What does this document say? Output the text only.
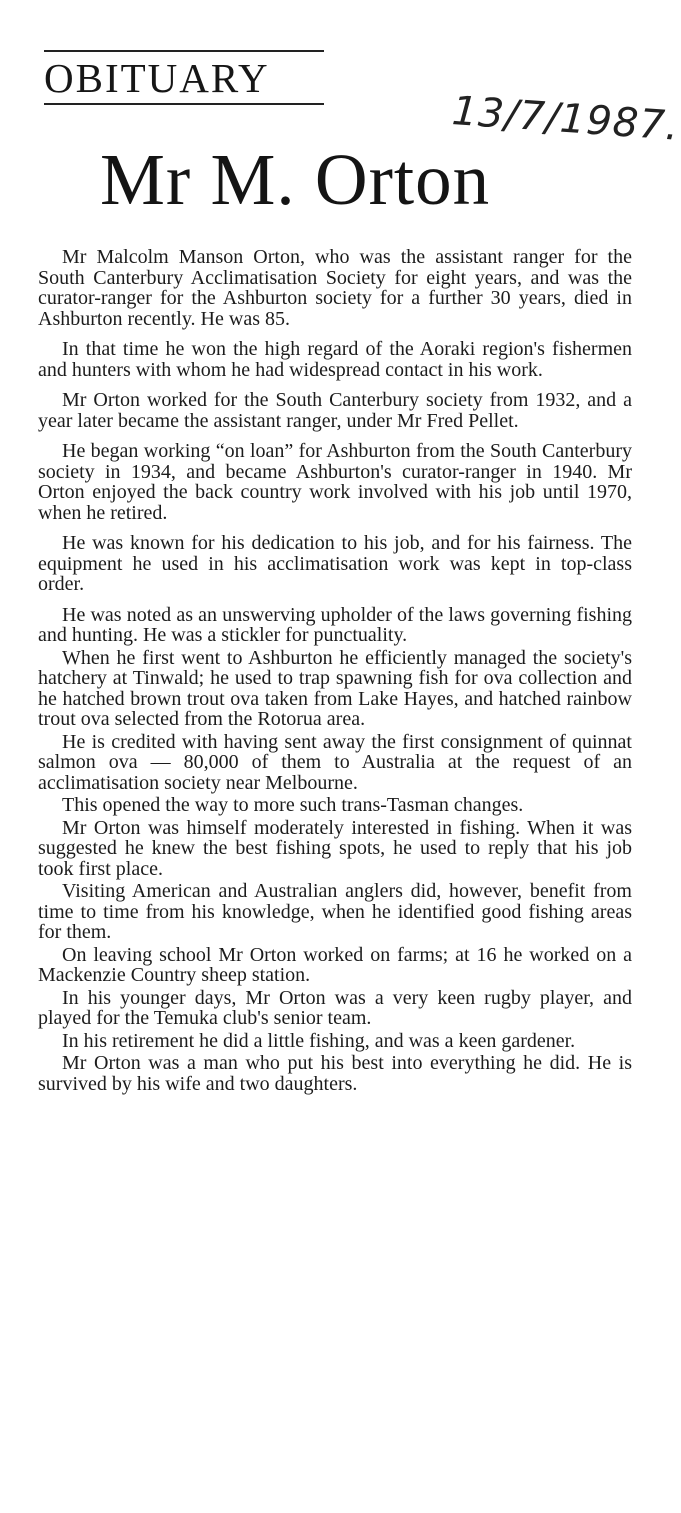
OBITUARY
13/7/1987.
Mr M. Orton

Mr Malcolm Manson Orton, who was the assistant ranger for the South Canterbury Acclimatisation Society for eight years, and was the curator-ranger for the Ashburton society for a further 30 years, died in Ashburton recently. He was 85.

In that time he won the high regard of the Aoraki region's fishermen and hunters with whom he had widespread contact in his work.

Mr Orton worked for the South Canterbury society from 1932, and a year later became the assistant ranger, under Mr Fred Pellet.

He began working “on loan” for Ashburton from the South Canterbury society in 1934, and became Ashburton's curator-ranger in 1940. Mr Orton enjoyed the back country work involved with his job until 1970, when he retired.

He was known for his dedication to his job, and for his fairness. The equipment he used in his acclimatisation work was kept in top-class order.

He was noted as an unswerving upholder of the laws governing fishing and hunting. He was a stickler for punctuality.

When he first went to Ashburton he efficiently managed the society's hatchery at Tinwald; he used to trap spawning fish for ova collection and he hatched brown trout ova taken from Lake Hayes, and hatched rainbow trout ova selected from the Rotorua area.

He is credited with having sent away the first consignment of quinnat salmon ova — 80,000 of them to Australia at the request of an acclimatisation society near Melbourne.

This opened the way to more such trans-Tasman changes.

Mr Orton was himself moderately interested in fishing. When it was suggested he knew the best fishing spots, he used to reply that his job took first place.

Visiting American and Australian anglers did, however, benefit from time to time from his knowledge, when he identified good fishing areas for them.

On leaving school Mr Orton worked on farms; at 16 he worked on a Mackenzie Country sheep station.

In his younger days, Mr Orton was a very keen rugby player, and played for the Temuka club's senior team.

In his retirement he did a little fishing, and was a keen gardener.

Mr Orton was a man who put his best into everything he did. He is survived by his wife and two daughters.
